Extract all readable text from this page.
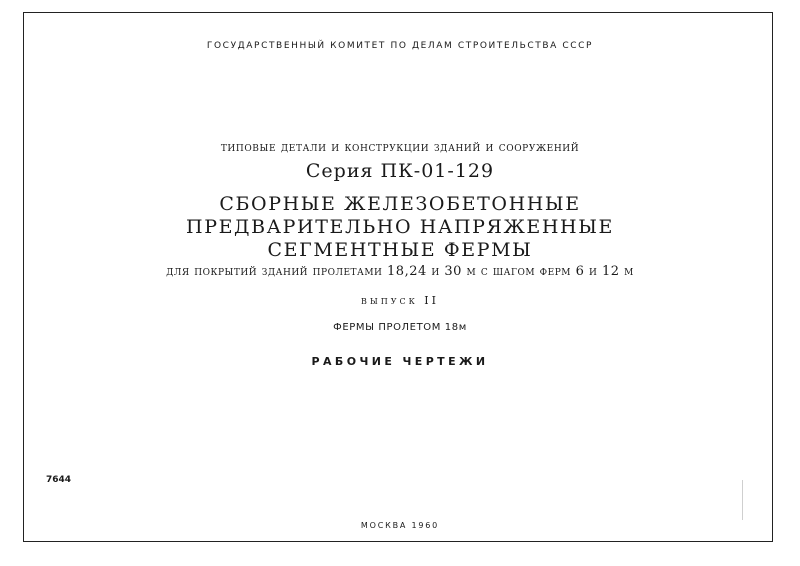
ГОСУДАРСТВЕННЫЙ КОМИТЕТ ПО ДЕЛАМ СТРОИТЕЛЬСТВА СССР
типовые детали и конструкции зданий и сооружений
Серия ПК-01-129
СБОРНЫЕ ЖЕЛЕЗОБЕТОННЫЕ
ПРЕДВАРИТЕЛЬНО НАПРЯЖЕННЫЕ
СЕГМЕНТНЫЕ ФЕРМЫ
для покрытий зданий пролетами 18,24 и 30 м с шагом ферм 6 и 12 м
выпуск II
ФЕРМЫ ПРОЛЕТОМ 18м
РАБОЧИЕ ЧЕРТЕЖИ
7644
МОСКВА 1960
